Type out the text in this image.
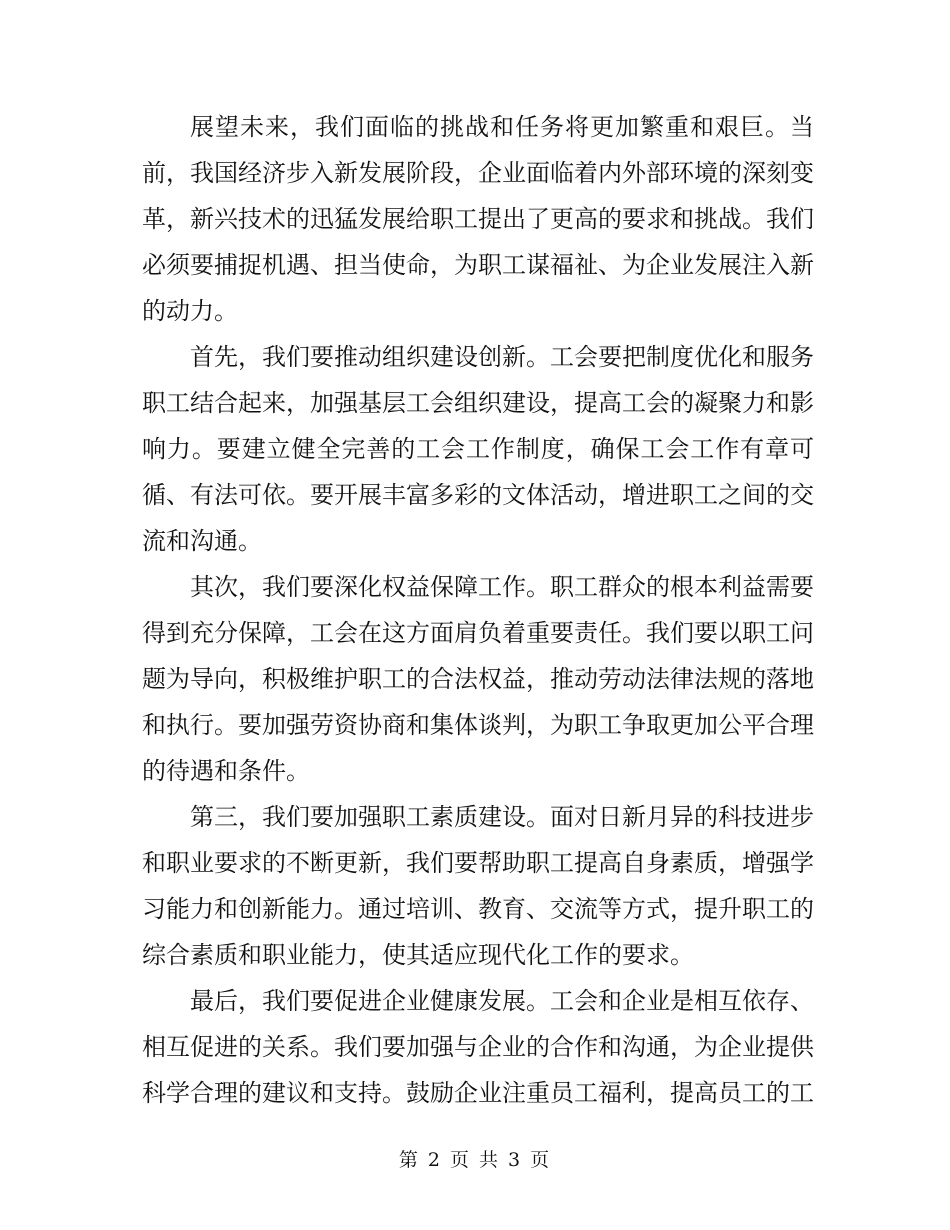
展望未来，我们面临的挑战和任务将更加繁重和艰巨。当
前，我国经济步入新发展阶段，企业面临着内外部环境的深刻变
革，新兴技术的迅猛发展给职工提出了更高的要求和挑战。我们
必须要捕捉机遇、担当使命，为职工谋福祉、为企业发展注入新
的动力。
首先，我们要推动组织建设创新。工会要把制度优化和服务
职工结合起来，加强基层工会组织建设，提高工会的凝聚力和影
响力。要建立健全完善的工会工作制度，确保工会工作有章可
循、有法可依。要开展丰富多彩的文体活动，增进职工之间的交
流和沟通。
其次，我们要深化权益保障工作。职工群众的根本利益需要
得到充分保障，工会在这方面肩负着重要责任。我们要以职工问
题为导向，积极维护职工的合法权益，推动劳动法律法规的落地
和执行。要加强劳资协商和集体谈判，为职工争取更加公平合理
的待遇和条件。
第三，我们要加强职工素质建设。面对日新月异的科技进步
和职业要求的不断更新，我们要帮助职工提高自身素质，增强学
习能力和创新能力。通过培训、教育、交流等方式，提升职工的
综合素质和职业能力，使其适应现代化工作的要求。
最后，我们要促进企业健康发展。工会和企业是相互依存、
相互促进的关系。我们要加强与企业的合作和沟通，为企业提供
科学合理的建议和支持。鼓励企业注重员工福利，提高员工的工
第 2 页 共 3 页
